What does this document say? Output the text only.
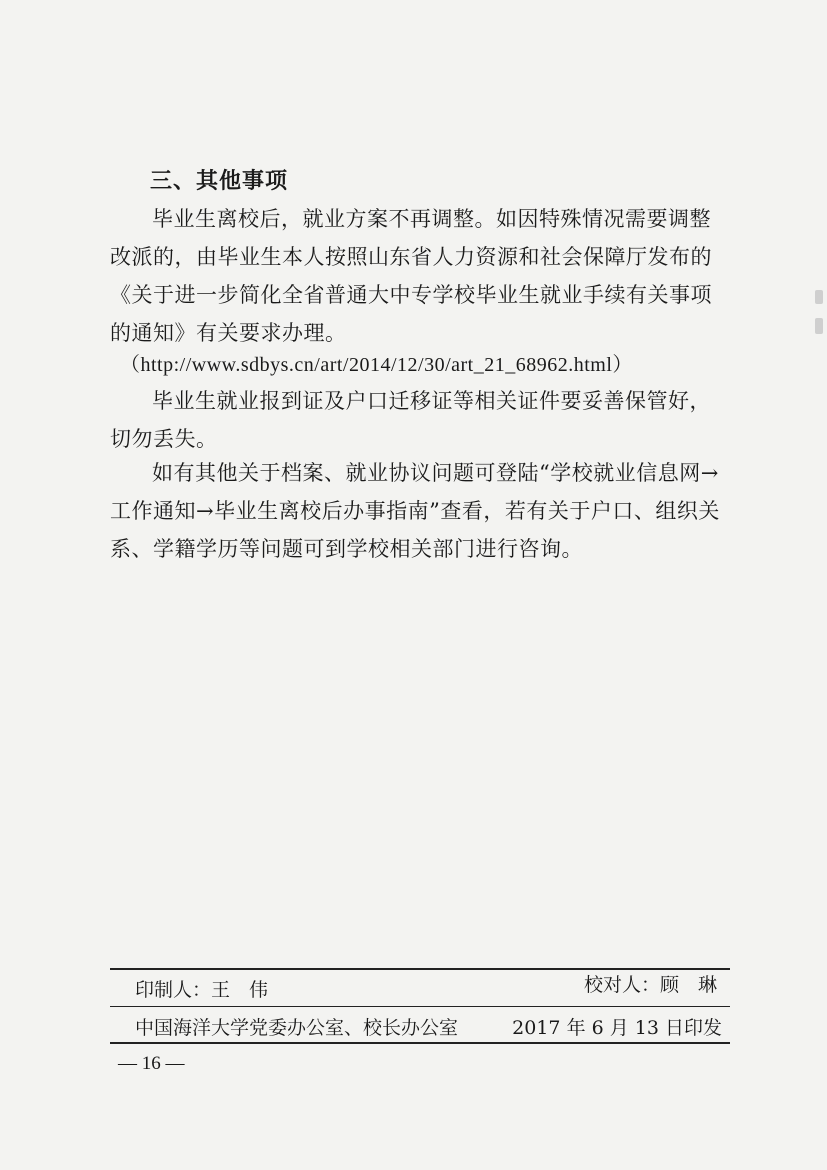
三、其他事项

毕业生离校后，就业方案不再调整。如因特殊情况需要调整改派的，由毕业生本人按照山东省人力资源和社会保障厅发布的《关于进一步简化全省普通大中专学校毕业生就业手续有关事项的通知》有关要求办理。

（http://www.sdbys.cn/art/2014/12/30/art_21_68962.html）

毕业生就业报到证及户口迁移证等相关证件要妥善保管好，切勿丢失。

如有其他关于档案、就业协议问题可登陆“学校就业信息网→工作通知→毕业生离校后办事指南”查看，若有关于户口、组织关系、学籍学历等问题可到学校相关部门进行咨询。

印制人：王　伟	校对人：顾　琳
中国海洋大学党委办公室、校长办公室	2017 年 6 月 13 日印发
— 16 —
